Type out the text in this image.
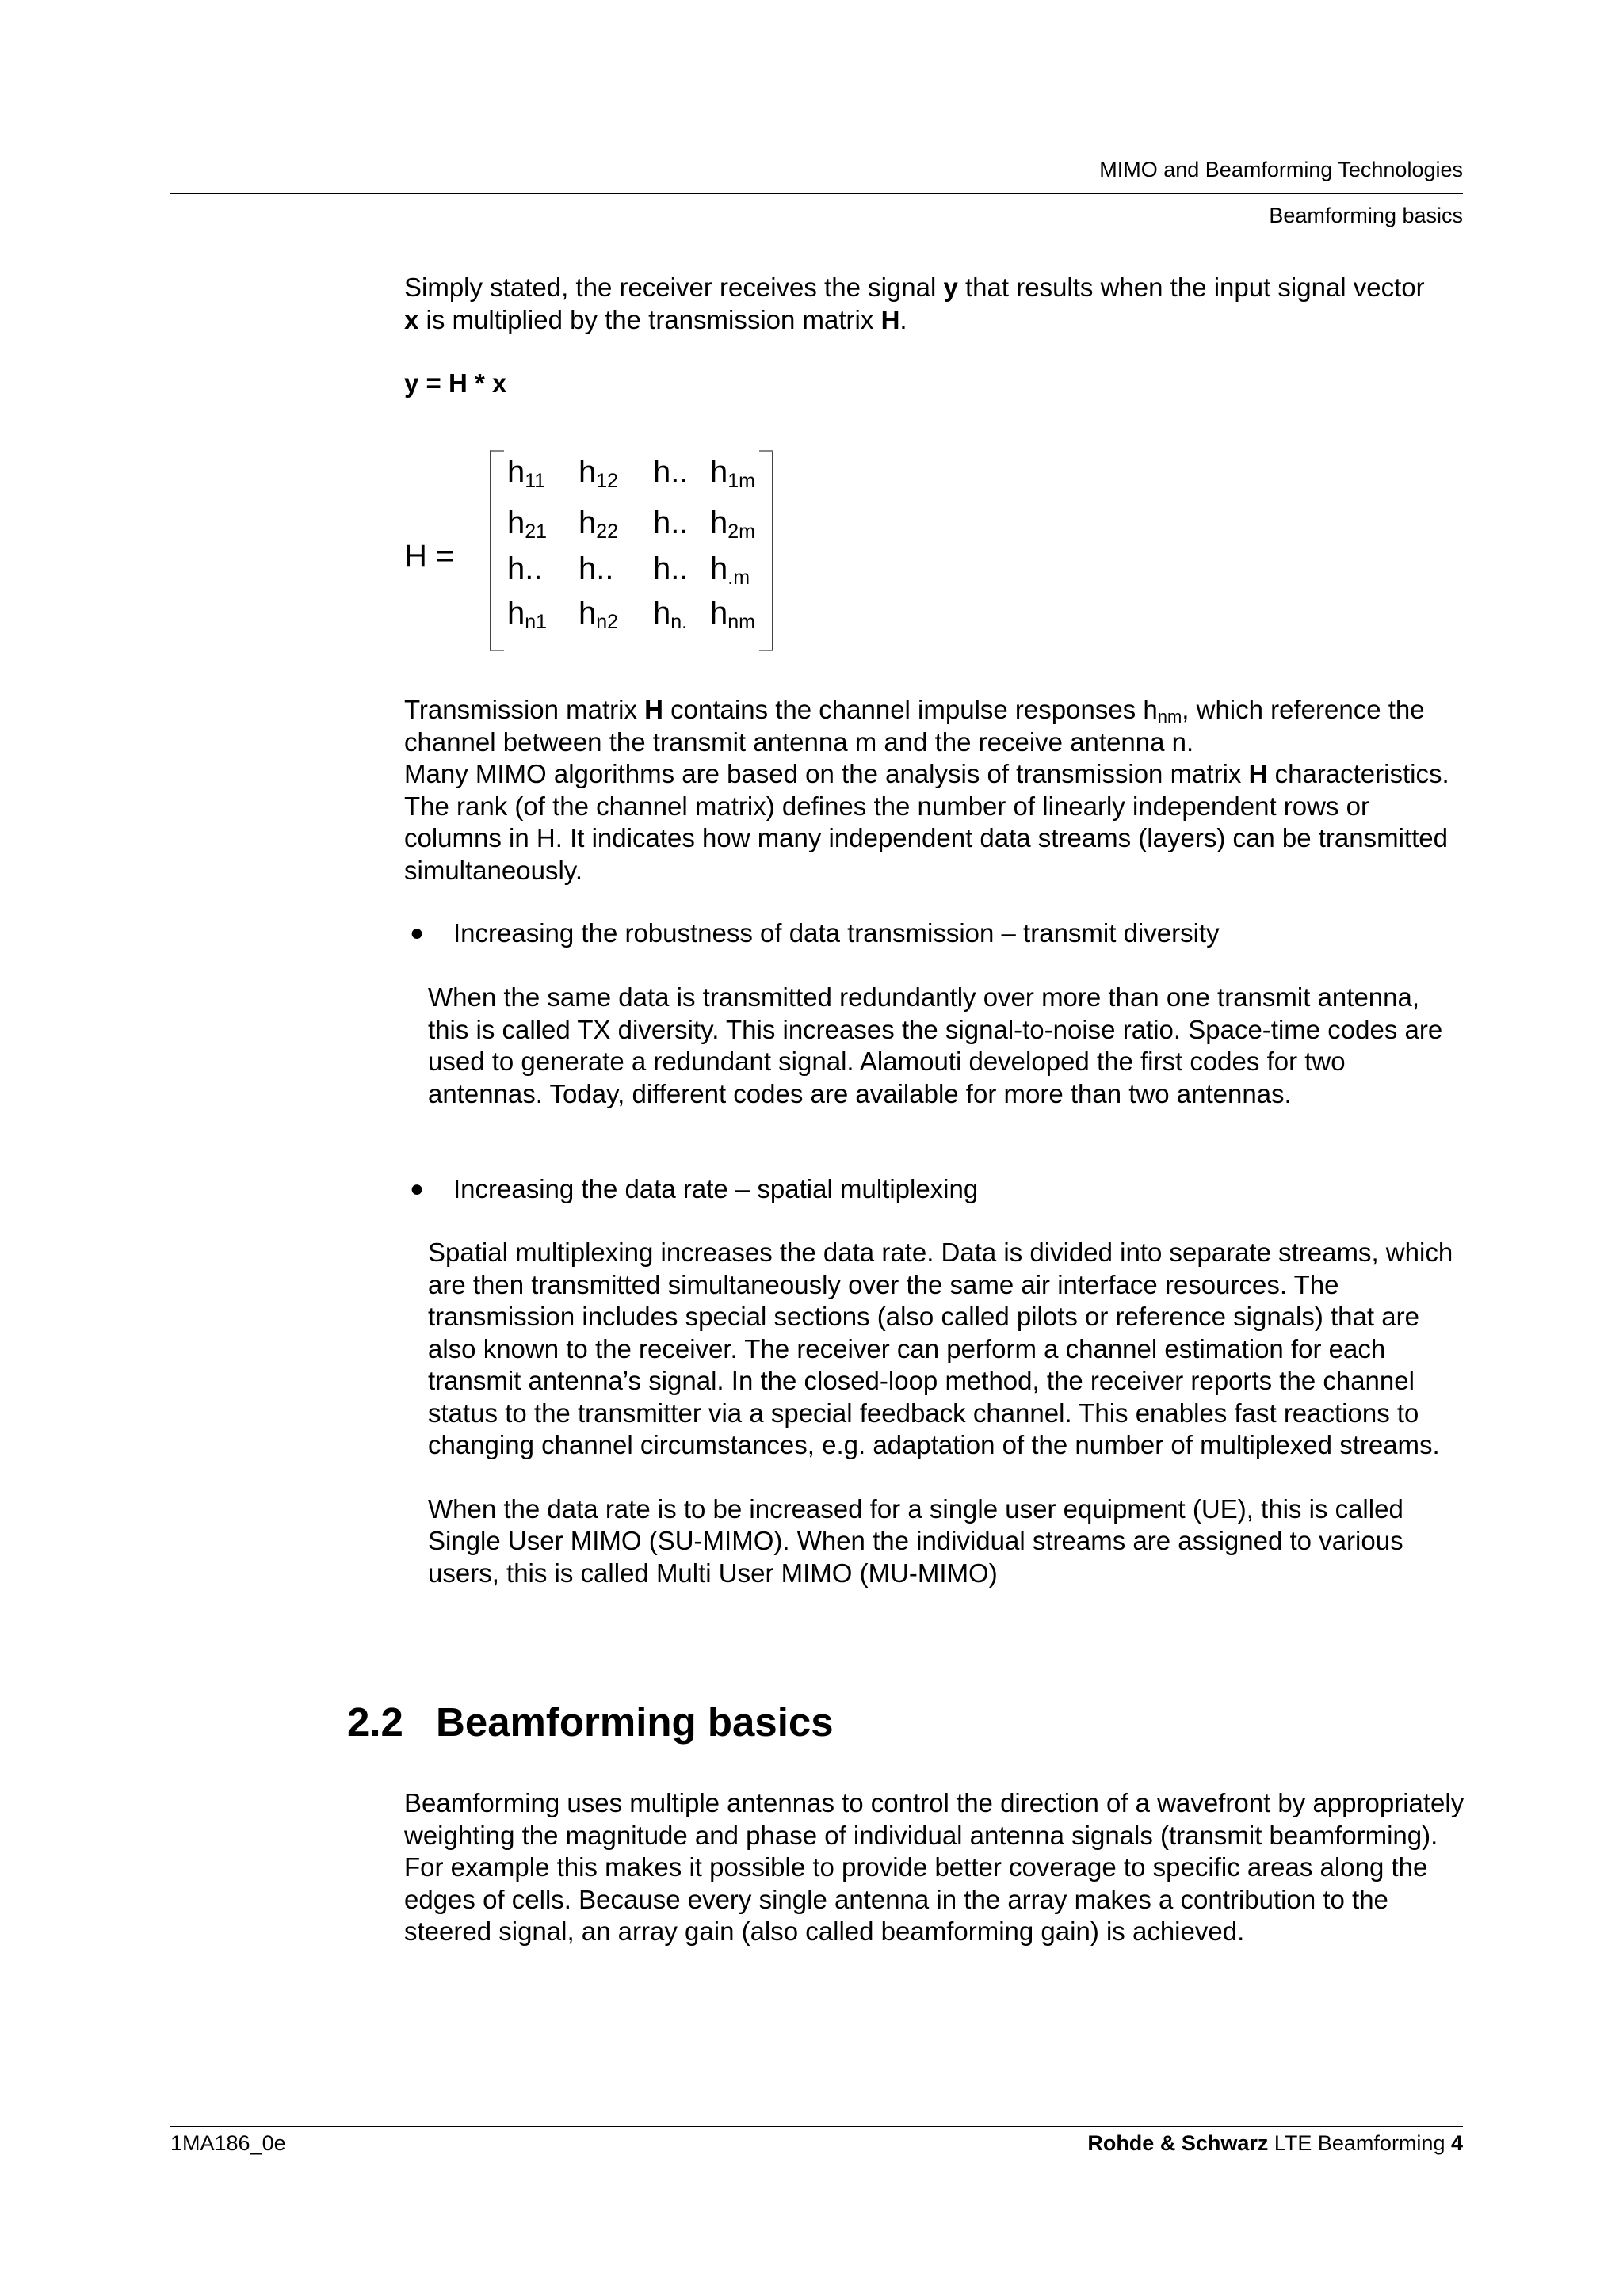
MIMO and Beamforming Technologies
Beamforming basics

Simply stated, the receiver receives the signal y that results when the input signal vector x is multiplied by the transmission matrix H.

y = H * x
H =
h11 h12 h.. h1m
h21 h22 h.. h2m
h.. h.. h.. h.m
hn1 hn2 hn. hnm

Transmission matrix H contains the channel impulse responses $h_{nm}$, which reference the channel between the transmit antenna m and the receive antenna n.

Many MIMO algorithms are based on the analysis of transmission matrix H characteristics. The rank (of the channel matrix) defines the number of linearly independent rows or columns in H. It indicates how many independent data streams (layers) can be transmitted simultaneously.

● Increasing the robustness of data transmission – transmit diversity

When the same data is transmitted redundantly over more than one transmit antenna, this is called TX diversity. This increases the signal-to-noise ratio. Space-time codes are used to generate a redundant signal. Alamouti developed the first codes for two antennas. Today, different codes are available for more than two antennas.

● Increasing the data rate – spatial multiplexing

Spatial multiplexing increases the data rate. Data is divided into separate streams, which are then transmitted simultaneously over the same air interface resources. The transmission includes special sections (also called pilots or reference signals) that are also known to the receiver. The receiver can perform a channel estimation for each transmit antenna’s signal. In the closed-loop method, the receiver reports the channel status to the transmitter via a special feedback channel. This enables fast reactions to changing channel circumstances, e.g. adaptation of the number of multiplexed streams.

When the data rate is to be increased for a single user equipment (UE), this is called Single User MIMO (SU-MIMO). When the individual streams are assigned to various users, this is called Multi User MIMO (MU-MIMO)

2.2 Beamforming basics

Beamforming uses multiple antennas to control the direction of a wavefront by appropriately weighting the magnitude and phase of individual antenna signals (transmit beamforming). For example this makes it possible to provide better coverage to specific areas along the edges of cells. Because every single antenna in the array makes a contribution to the steered signal, an array gain (also called beamforming gain) is achieved.

1MA186_0e	Rohde & Schwarz LTE Beamforming 4
